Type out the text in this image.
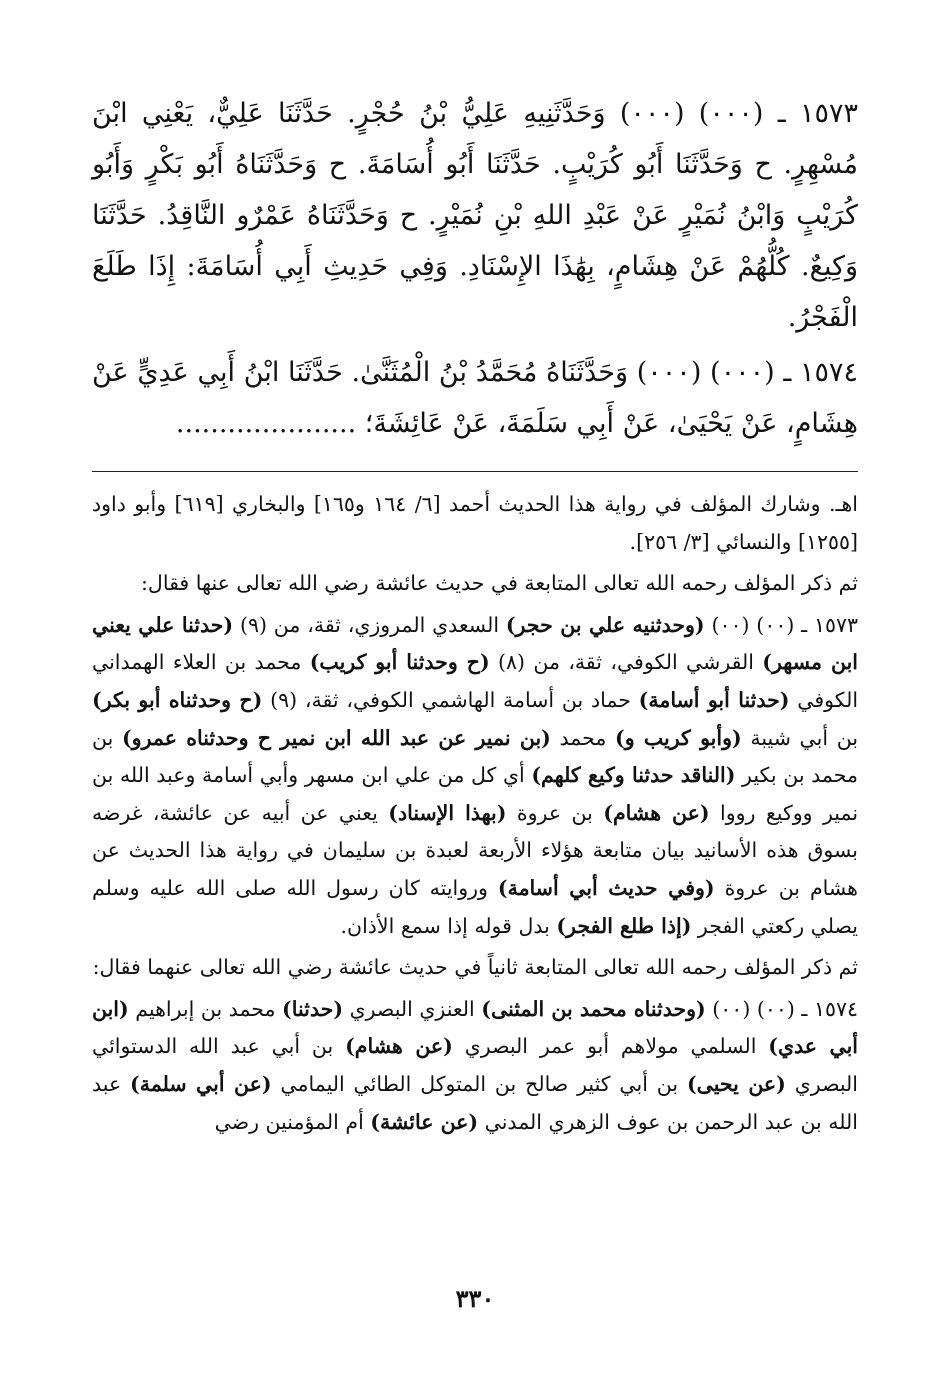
١٥٧٣ ـ (٠٠٠) (٠٠٠) وَحَدَّثَنِيهِ عَلِيُّ بْنُ حُجْرٍ. حَدَّثَنَا عَلِيٌّ، يَعْنِي ابْنَ مُسْهِرٍ. ح وَحَدَّثَنَا أَبُو كُرَيْبٍ. حَدَّثَنَا أَبُو أُسَامَةَ. ح وَحَدَّثَنَاهُ أَبُو بَكْرٍ وَأَبُو كُرَيْبٍ وَابْنُ نُمَيْرٍ عَنْ عَبْدِ اللهِ بْنِ نُمَيْرٍ. ح وَحَدَّثَنَاهُ عَمْرٌو النَّاقِدُ. حَدَّثَنَا وَكِيعٌ. كُلُّهُمْ عَنْ هِشَامٍ، بِهَٰذَا الإِسْنَادِ. وَفِي حَدِيثِ أَبِي أُسَامَةَ: إِذَا طَلَعَ الْفَجْرُ.

١٥٧٤ ـ (٠٠٠) (٠٠٠) وَحَدَّثَنَاهُ مُحَمَّدُ بْنُ الْمُثَنَّىٰ. حَدَّثَنَا ابْنُ أَبِي عَدِيٍّ عَنْ هِشَامٍ، عَنْ يَحْيَىٰ، عَنْ أَبِي سَلَمَةَ، عَنْ عَائِشَةَ؛ .....................

اهـ. وشارك المؤلف في رواية هذا الحديث أحمد [٦/ ١٦٤ و١٦٥] والبخاري [٦١٩] وأبو داود [١٢٥٥] والنسائي [٣/ ٢٥٦].

ثم ذكر المؤلف رحمه الله تعالى المتابعة في حديث عائشة رضي الله تعالى عنها فقال:

١٥٧٣ ـ (٠٠) (٠٠) (وحدثنيه علي بن حجر) السعدي المروزي، ثقة، من (٩) (حدثنا علي يعني ابن مسهر) القرشي الكوفي، ثقة، من (٨) (ح وحدثنا أبو كريب) محمد بن العلاء الهمداني الكوفي (حدثنا أبو أسامة) حماد بن أسامة الهاشمي الكوفي، ثقة، (٩) (ح وحدثناه أبو بكر) بن أبي شيبة (وأبو كريب و) محمد (بن نمير عن عبد الله ابن نمير ح وحدثناه عمرو) بن محمد بن بكير (الناقد حدثنا وكيع كلهم) أي كل من علي ابن مسهر وأبي أسامة وعبد الله بن نمير ووكيع رووا (عن هشام) بن عروة (بهذا الإسناد) يعني عن أبيه عن عائشة، غرضه بسوق هذه الأسانيد بيان متابعة هؤلاء الأربعة لعبدة بن سليمان في رواية هذا الحديث عن هشام بن عروة (وفي حديث أبي أسامة) وروايته كان رسول الله صلى الله عليه وسلم يصلي ركعتي الفجر (إذا طلع الفجر) بدل قوله إذا سمع الأذان.

ثم ذكر المؤلف رحمه الله تعالى المتابعة ثانياً في حديث عائشة رضي الله تعالى عنهما فقال:

١٥٧٤ ـ (٠٠) (٠٠) (وحدثناه محمد بن المثنى) العنزي البصري (حدثنا) محمد بن إبراهيم (ابن أبي عدي) السلمي مولاهم أبو عمر البصري (عن هشام) بن أبي عبد الله الدستوائي البصري (عن يحيى) بن أبي كثير صالح بن المتوكل الطائي اليمامي (عن أبي سلمة) عبد الله بن عبد الرحمن بن عوف الزهري المدني (عن عائشة) أم المؤمنين رضي

٣٣٠
